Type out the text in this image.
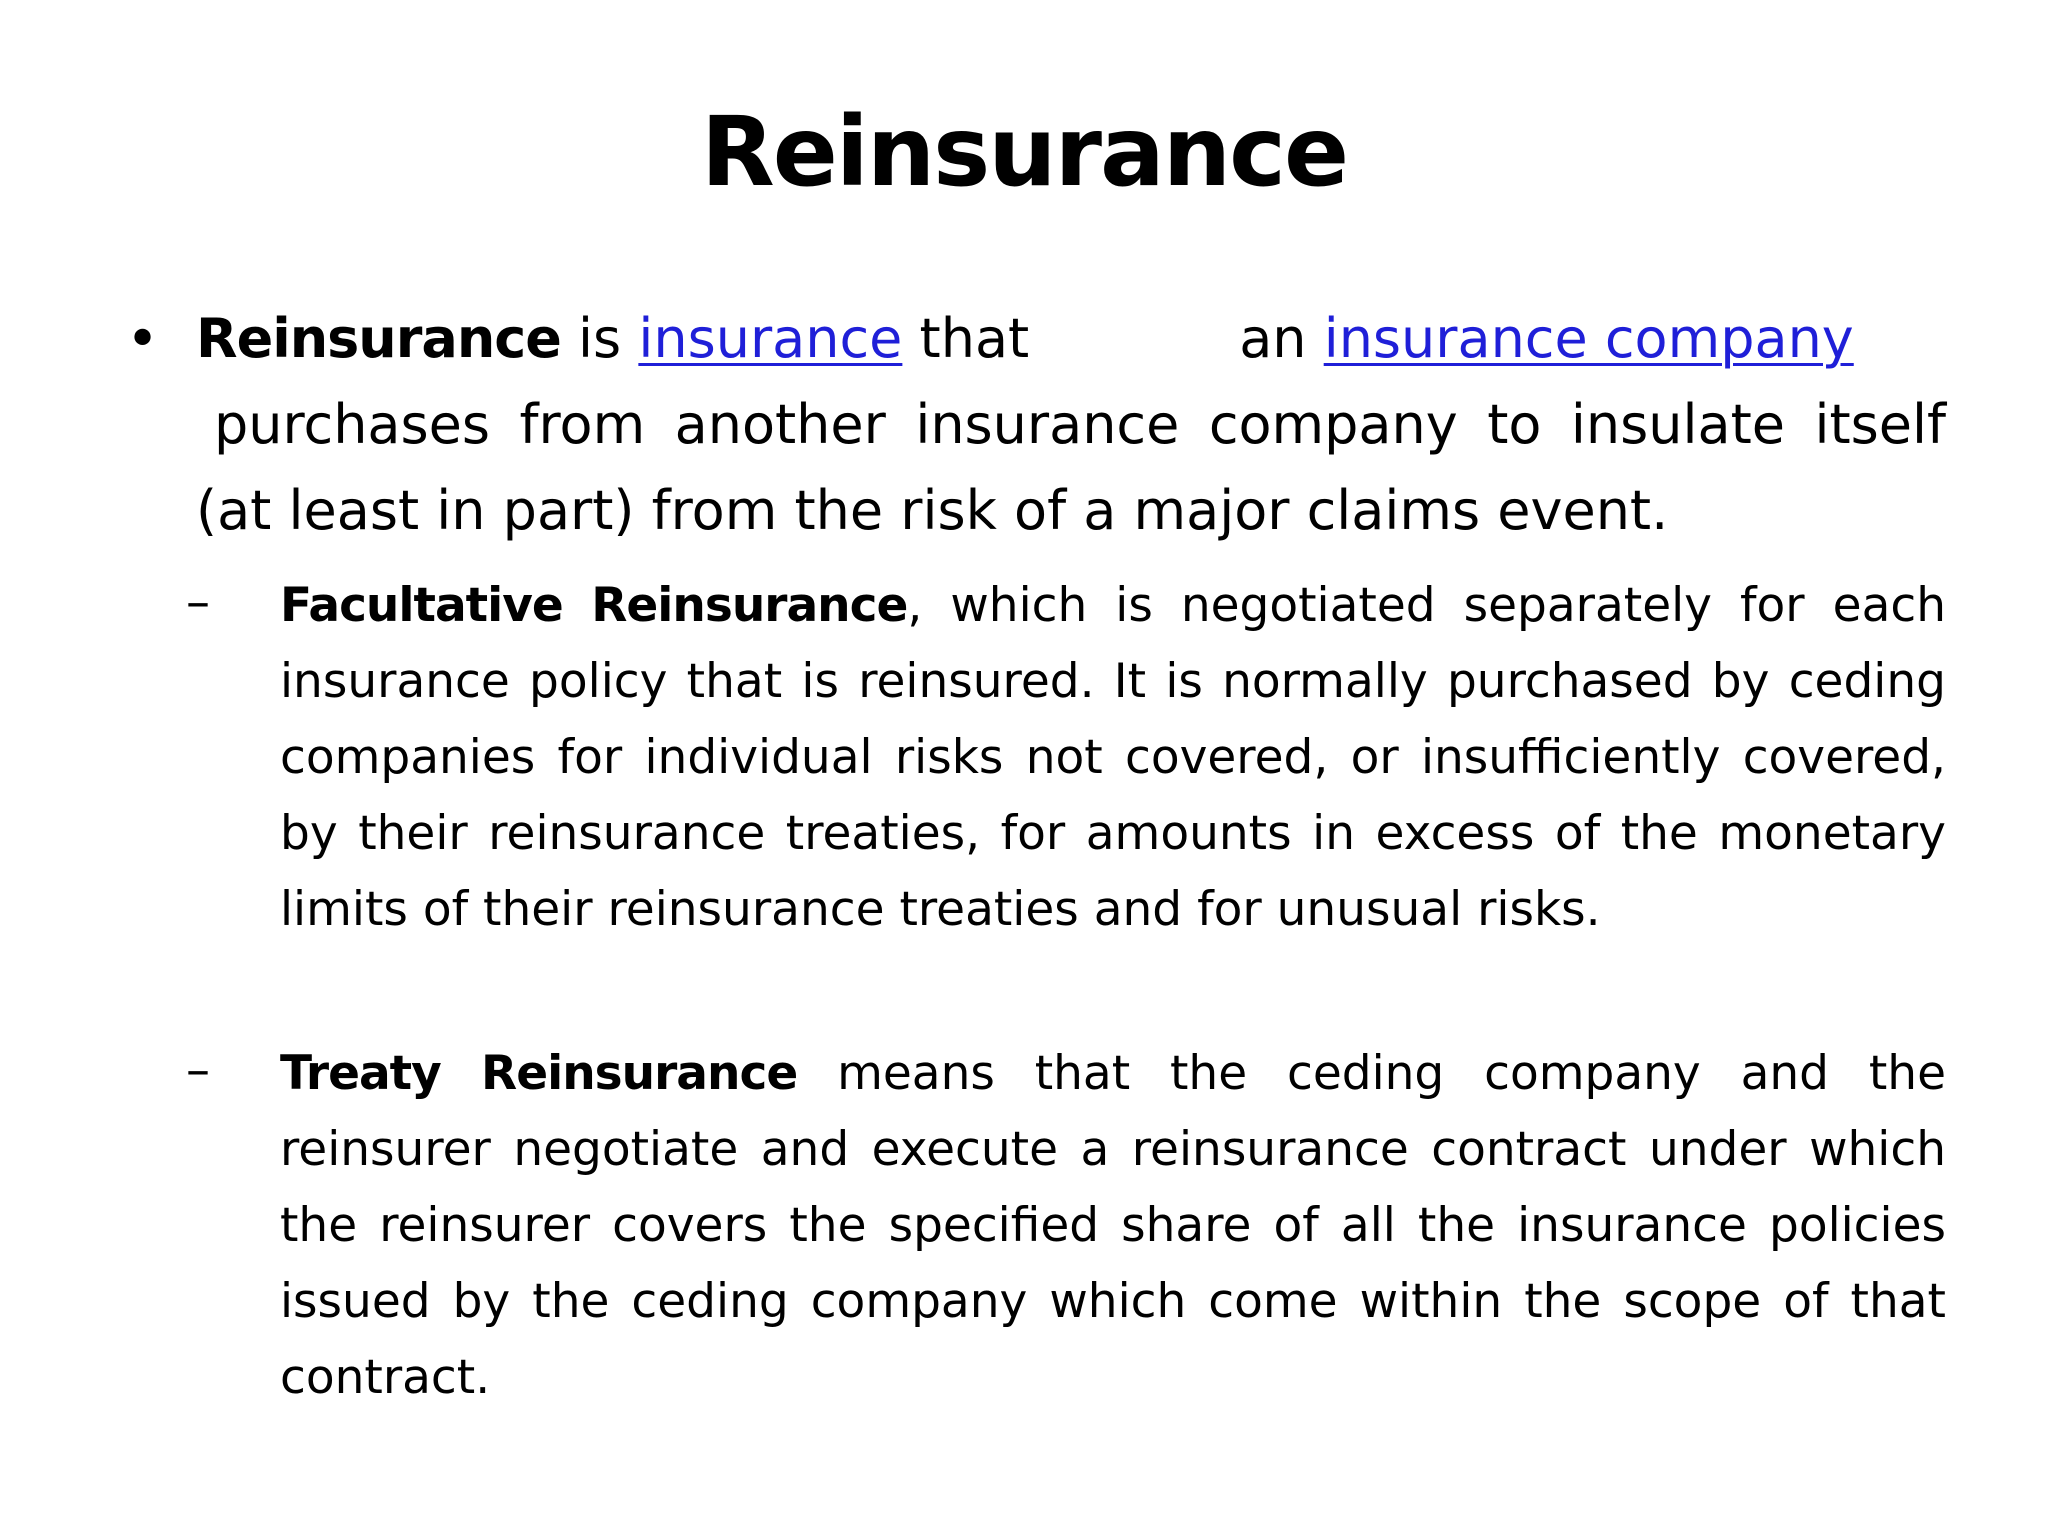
Reinsurance
• Reinsurance is insurance that	an insurance company
purchases from another insurance company to insulate itself (at least in part) from the risk of a major claims event.

– Facultative Reinsurance, which is negotiated separately for each insurance policy that is reinsured. It is normally purchased by ceding companies for individual risks not covered, or insufficiently covered, by their reinsurance treaties, for amounts in excess of the monetary limits of their reinsurance treaties and for unusual risks.

– Treaty Reinsurance means that the ceding company and the reinsurer negotiate and execute a reinsurance contract under which the reinsurer covers the specified share of all the insurance policies issued by the ceding company which come within the scope of that contract.
